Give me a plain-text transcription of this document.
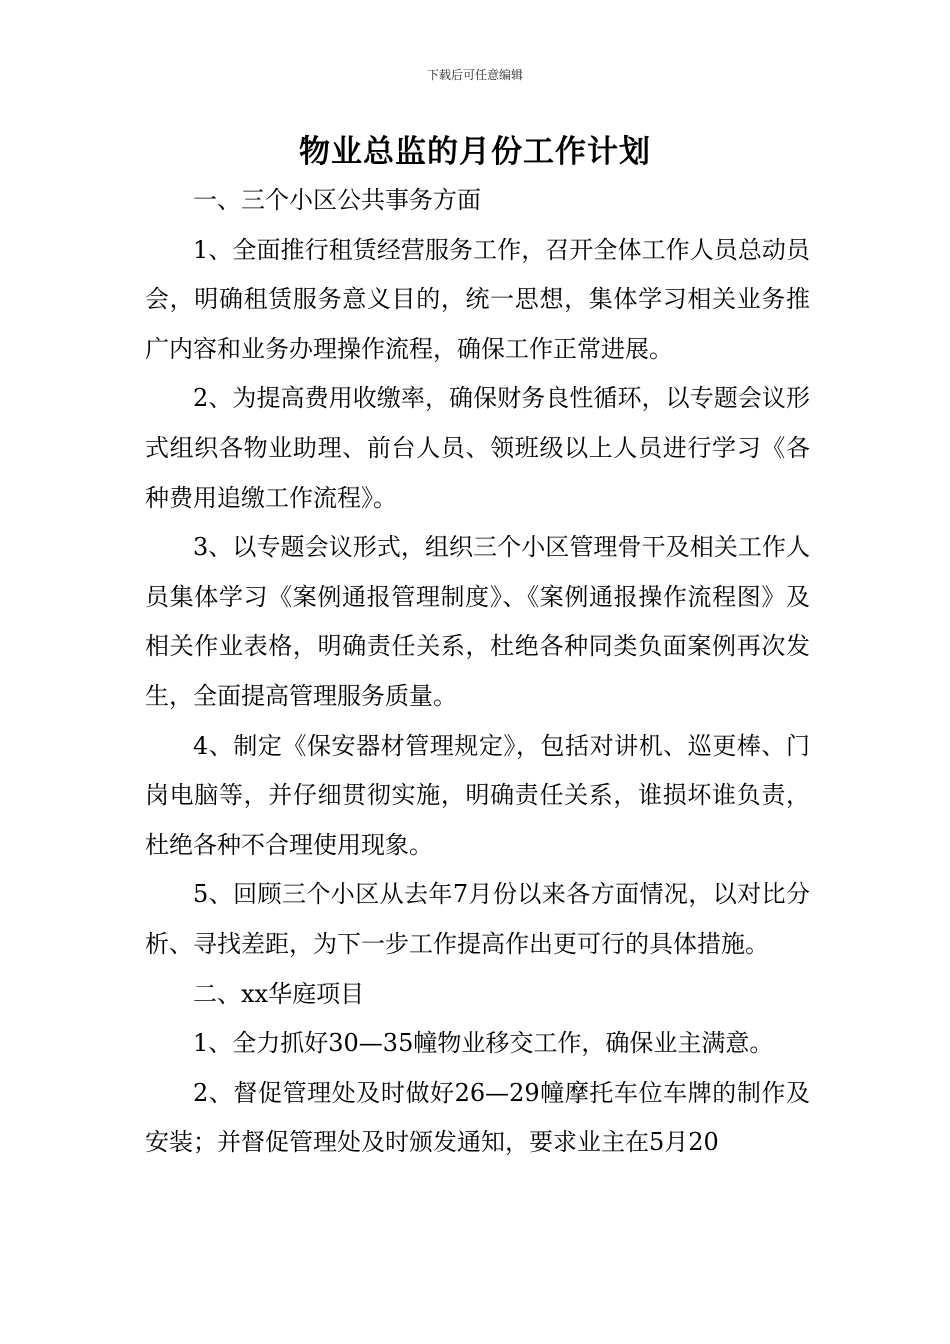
下载后可任意编辑
物业总监的月份工作计划

一、三个小区公共事务方面

1、全面推行租赁经营服务工作，召开全体工作人员总动员会，明确租赁服务意义目的，统一思想，集体学习相关业务推广内容和业务办理操作流程，确保工作正常进展。

2、为提高费用收缴率，确保财务良性循环，以专题会议形式组织各物业助理、前台人员、领班级以上人员进行学习《各种费用追缴工作流程》。

3、以专题会议形式，组织三个小区管理骨干及相关工作人员集体学习《案例通报管理制度》、《案例通报操作流程图》及相关作业表格，明确责任关系，杜绝各种同类负面案例再次发生，全面提高管理服务质量。

4、制定《保安器材管理规定》，包括对讲机、巡更棒、门岗电脑等，并仔细贯彻实施，明确责任关系，谁损坏谁负责，杜绝各种不合理使用现象。

5、回顾三个小区从去年7月份以来各方面情况，以对比分析、寻找差距，为下一步工作提高作出更可行的具体措施。

二、xx华庭项目

1、全力抓好30—35幢物业移交工作，确保业主满意。

2、督促管理处及时做好26—29幢摩托车位车牌的制作及安装；并督促管理处及时颁发通知，要求业主在5月20
